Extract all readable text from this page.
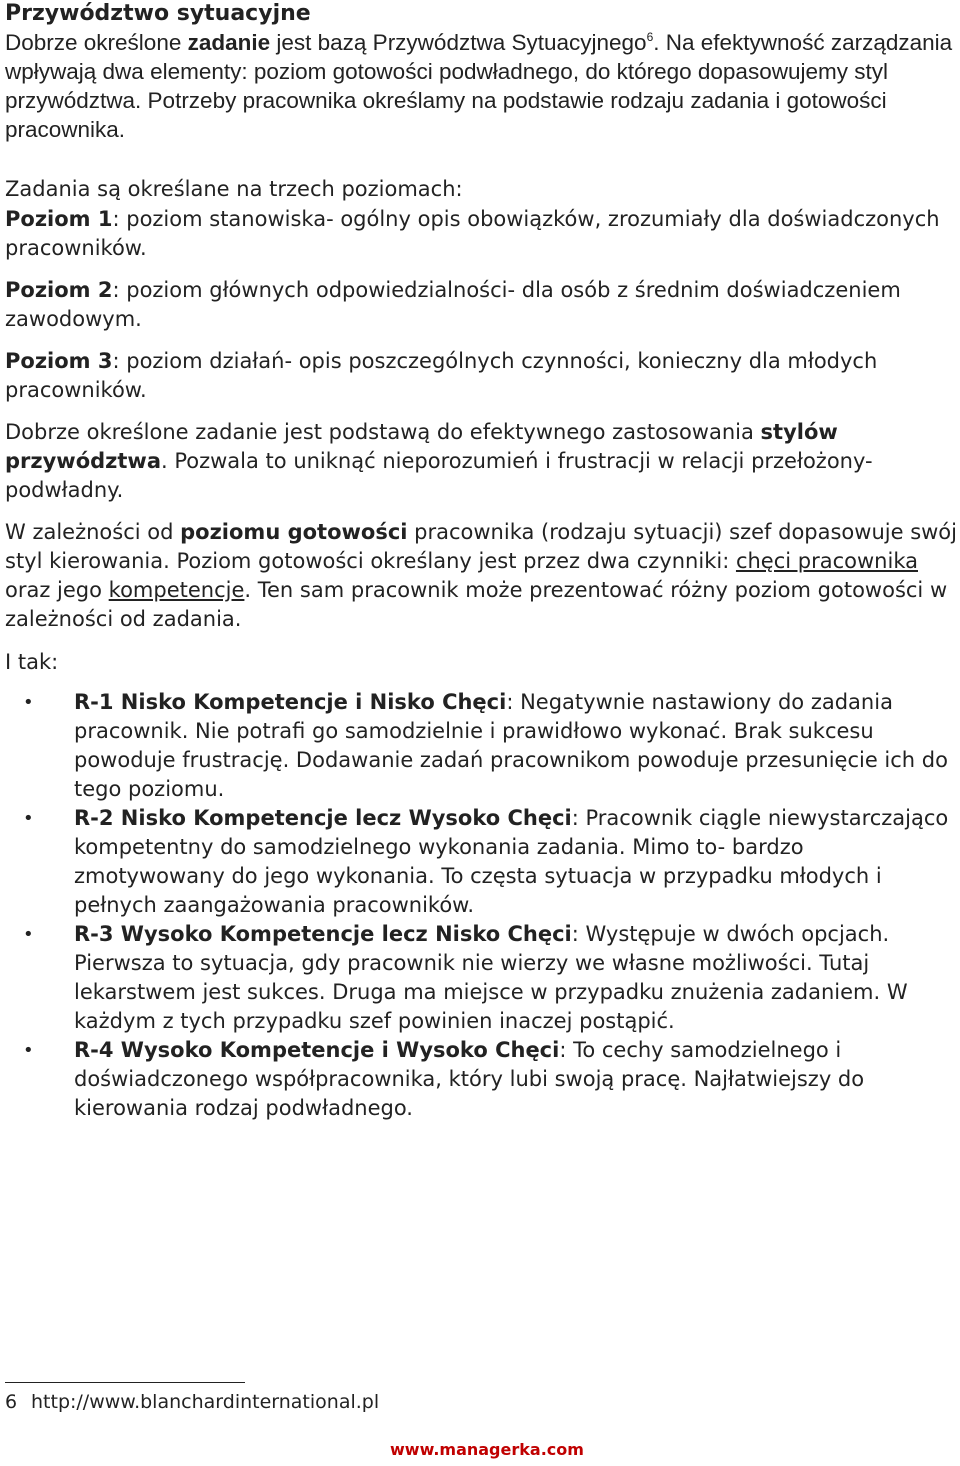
Przywództwo sytuacyjne

Dobrze określone zadanie jest bazą Przywództwa Sytuacyjnego$^6$. Na efektywność zarządzania wpływają dwa elementy: poziom gotowości podwładnego, do którego dopasowujemy styl przywództwa. Potrzeby pracownika określamy na podstawie rodzaju zadania i gotowości pracownika.

Zadania są określane na trzech poziomach:

Poziom 1: poziom stanowiska- ogólny opis obowiązków, zrozumiały dla doświadczonych pracowników.

Poziom 2: poziom głównych odpowiedzialności- dla osób z średnim doświadczeniem zawodowym.

Poziom 3: poziom działań- opis poszczególnych czynności, konieczny dla młodych pracowników.

Dobrze określone zadanie jest podstawą do efektywnego zastosowania stylów przywództwa. Pozwala to uniknąć nieporozumień i frustracji w relacji przełożony- podwładny.

W zależności od poziomu gotowości pracownika (rodzaju sytuacji) szef dopasowuje swój styl kierowania. Poziom gotowości określany jest przez dwa czynniki: chęci pracownika oraz jego kompetencje. Ten sam pracownik może prezentować różny poziom gotowości w zależności od zadania.

I tak:

• R-1 Nisko Kompetencje i Nisko Chęci: Negatywnie nastawiony do zadania pracownik. Nie potrafi go samodzielnie i prawidłowo wykonać. Brak sukcesu powoduje frustrację. Dodawanie zadań pracownikom powoduje przesunięcie ich do tego poziomu.
• R-2 Nisko Kompetencje lecz Wysoko Chęci: Pracownik ciągle niewystarczająco kompetentny do samodzielnego wykonania zadania. Mimo to- bardzo zmotywowany do jego wykonania. To częsta sytuacja w przypadku młodych i pełnych zaangażowania pracowników.
• R-3 Wysoko Kompetencje lecz Nisko Chęci: Występuje w dwóch opcjach. Pierwsza to sytuacja, gdy pracownik nie wierzy we własne możliwości. Tutaj lekarstwem jest sukces. Druga ma miejsce w przypadku znużenia zadaniem. W każdym z tych przypadku szef powinien inaczej postąpić.
• R-4 Wysoko Kompetencje i Wysoko Chęci: To cechy samodzielnego i doświadczonego współpracownika, który lubi swoją pracę. Najłatwiejszy do kierowania rodzaj podwładnego.
6 http://www.blanchardinternational.pl
www.managerka.com
